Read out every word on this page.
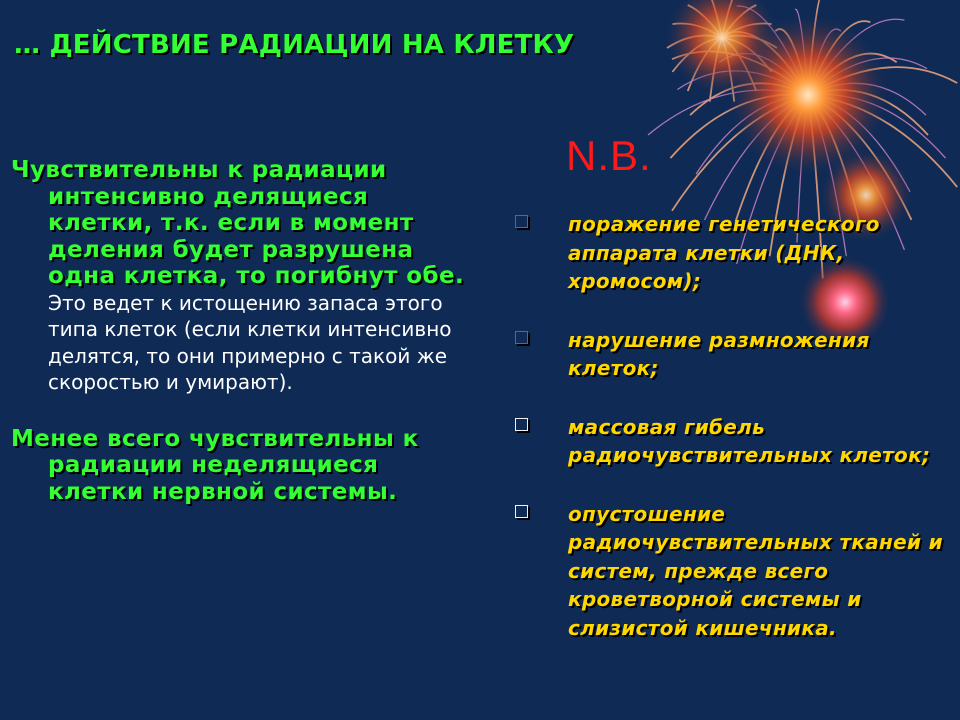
… ДЕЙСТВИЕ РАДИАЦИИ НА КЛЕТКУ
N.B.

Чувствительны к радиации интенсивно делящиеся клетки, т.к. если в момент деления будет разрушена одна клетка, то погибнут обе. Это ведет к истощению запаса этого типа клеток (если клетки интенсивно делятся, то они примерно с такой же скоростью и умирают).

Менее всего чувствительны к радиации неделящиеся клетки нервной системы.

поражение генетического аппарата клетки (ДНК, хромосом);
нарушение размножения клеток;
массовая гибель радиочувствительных клеток;
опустошение радиочувствительных тканей и систем, прежде всего кроветворной системы и слизистой кишечника.
